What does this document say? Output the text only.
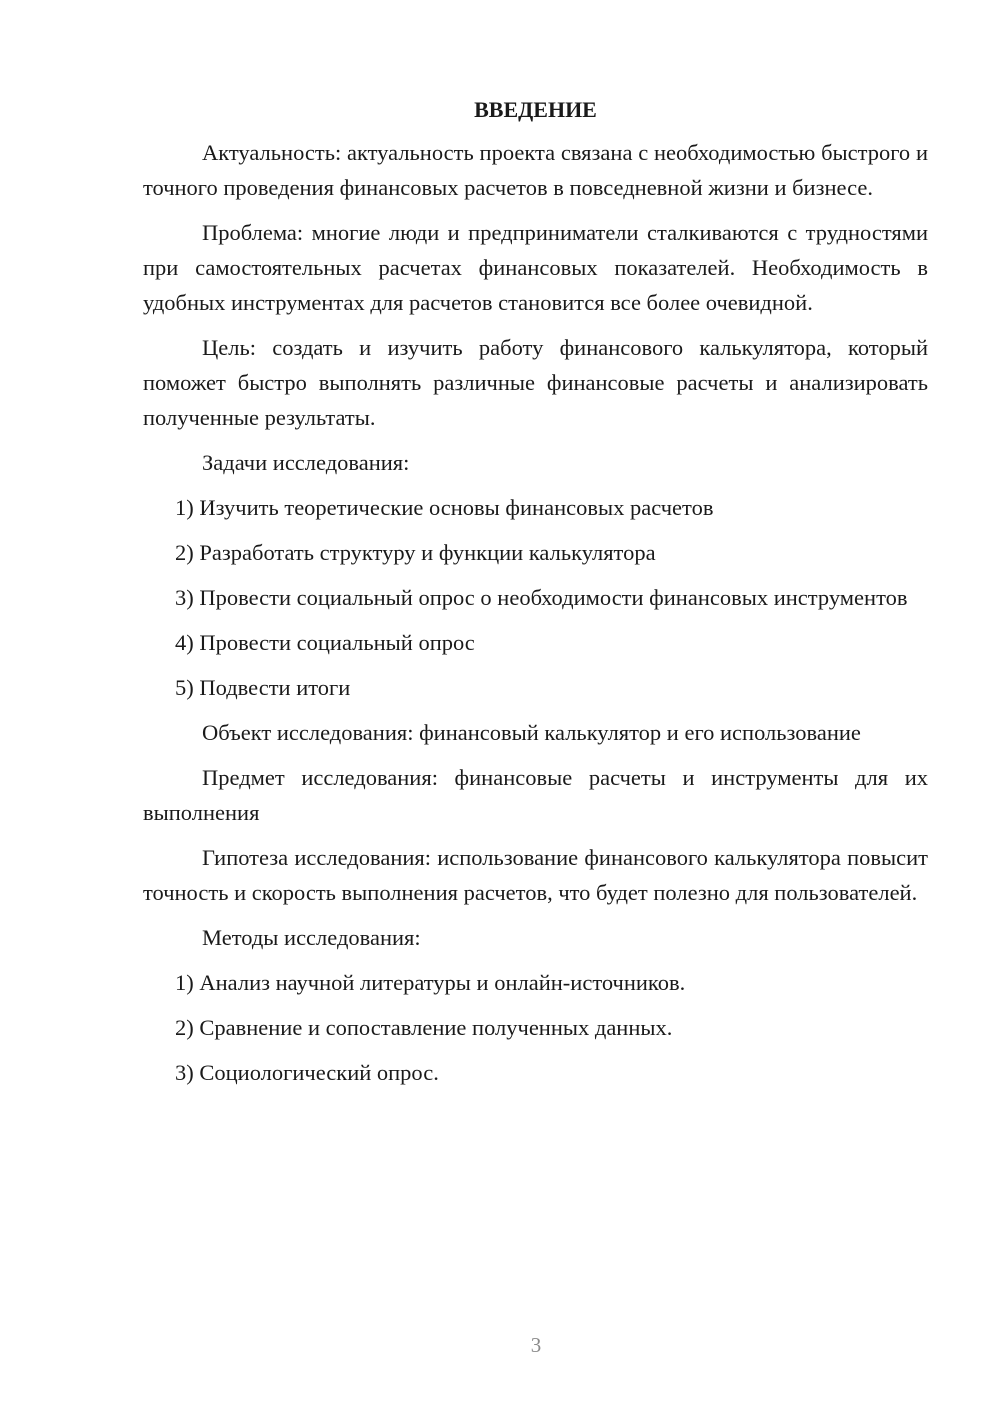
ВВЕДЕНИЕ

Актуальность: актуальность проекта связана с необходимостью быстрого и точного проведения финансовых расчетов в повседневной жизни и бизнесе.

Проблема: многие люди и предприниматели сталкиваются с трудностями при самостоятельных расчетах финансовых показателей. Необходимость в удобных инструментах для расчетов становится все более очевидной.

Цель: создать и изучить работу финансового калькулятора, который поможет быстро выполнять различные финансовые расчеты и анализировать полученные результаты.

Задачи исследования:

1) Изучить теоретические основы финансовых расчетов

2) Разработать структуру и функции калькулятора

3) Провести социальный опрос о необходимости финансовых инструментов

4) Провести социальный опрос

5) Подвести итоги

Объект исследования: финансовый калькулятор и его использование

Предмет исследования: финансовые расчеты и инструменты для их выполнения

Гипотеза исследования: использование финансового калькулятора повысит точность и скорость выполнения расчетов, что будет полезно для пользователей.

Методы исследования:

1) Анализ научной литературы и онлайн-источников.

2) Сравнение и сопоставление полученных данных.

3) Социологический опрос.

3
